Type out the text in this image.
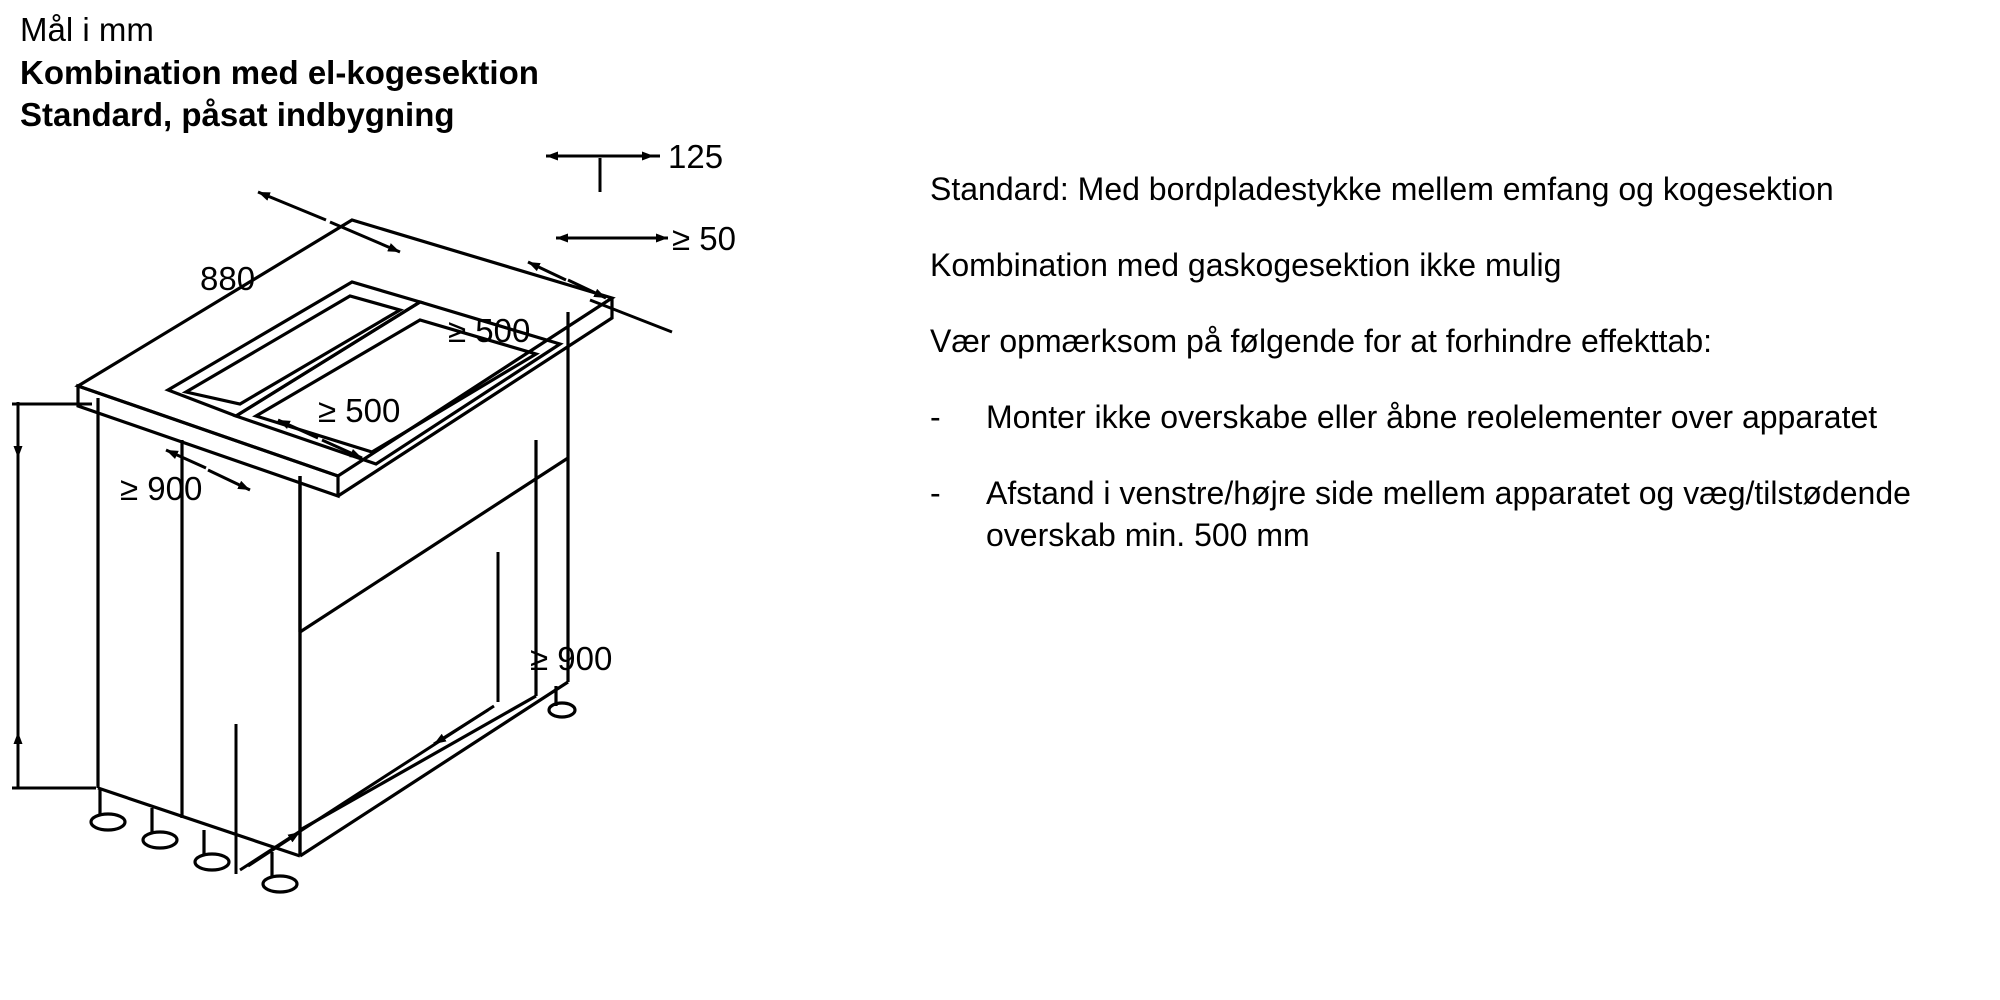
Mål i mm
Kombination med el-kogesektion
Standard, påsat indbygning
125
≥ 50
880
≥ 500
≥ 500
≥ 900
≥ 900
Standard: Med bordpladestykke mellem emfang og kogesektion
Kombination med gaskogesektion ikke mulig
Vær opmærksom på følgende for at forhindre effekttab:
-	Monter ikke overskabe eller åbne reolelementer over apparatet
-	Afstand i venstre/højre side mellem apparatet og væg/tilstødende overskab min. 500 mm
